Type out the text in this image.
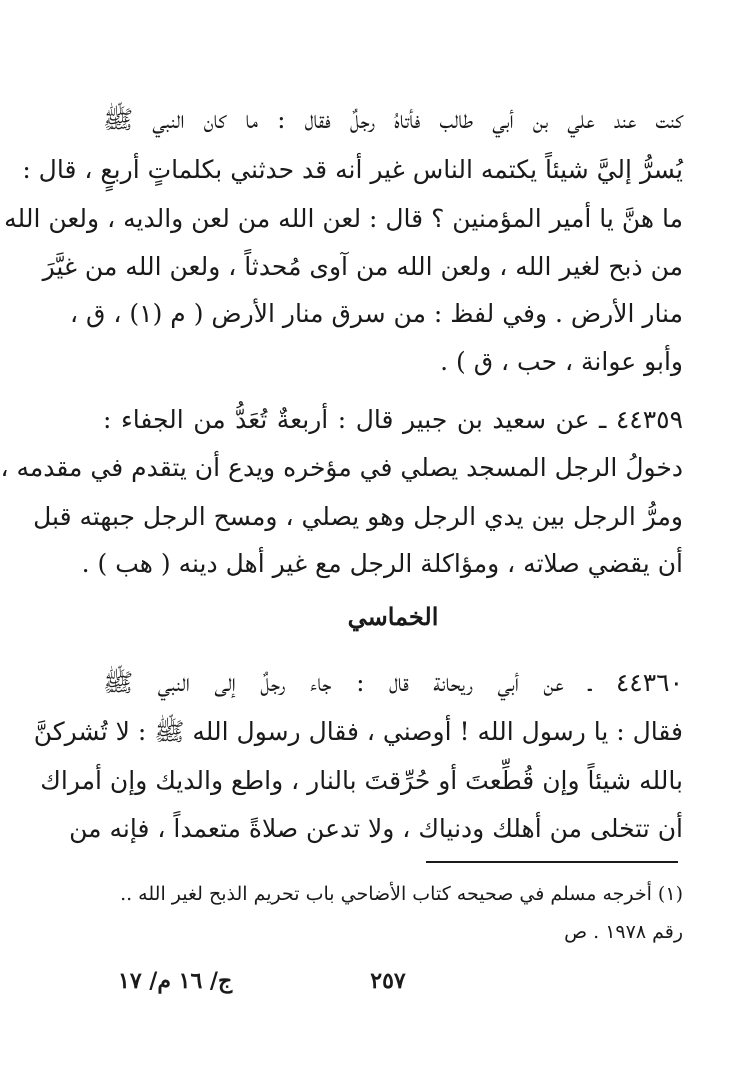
كنت عند علي بن أبي طالب فأتاهُ رجلٌ فقال : ما كان النبي ﷺ
يُسرُّ إليَّ شيئاً يكتمه الناس غير أنه قد حدثني بكلماتٍ أربعٍ ، قال :
ما هنَّ يا أمير المؤمنين ؟ قال : لعن الله من لعن والديه ، ولعن الله
من ذبح لغير الله ، ولعن الله من آوى مُحدثاً ، ولعن الله من غيَّرَ
منار الأرض . وفي لفظ : من سرق منار الأرض ( م (١) ، ق ،
وأبو عوانة ، حب ، ق ) .
٤٤٣٥٩ ـ عن سعيد بن جبير قال : أربعةٌ تُعَدُّ من الجفاء :
دخولُ الرجل المسجد يصلي في مؤخره ويدع أن يتقدم في مقدمه ،
ومرُّ الرجل بين يدي الرجل وهو يصلي ، ومسح الرجل جبهته قبل
أن يقضي صلاته ، ومؤاكلة الرجل مع غير أهل دينه ( هب ) .
الخماسي
٤٤٣٦٠ ـ عن أبي ريحانة قال : جاء رجلٌ إلى النبي ﷺ
فقال : يا رسول الله ! أوصني ، فقال رسول الله ﷺ : لا تُشركنَّ
بالله شيئاً وإن قُطِّعتَ أو حُرِّقتَ بالنار ، واطع والديك وإن أمراك
أن تتخلى من أهلك ودنياك ، ولا تدعن صلاةً متعمداً ، فإنه من
(١) أخرجه مسلم في صحيحه كتاب الأضاحي باب تحريم الذبح لغير الله ..
رقم ١٩٧٨ . ص
٢٥٧
ج/ ١٦ م/ ١٧
